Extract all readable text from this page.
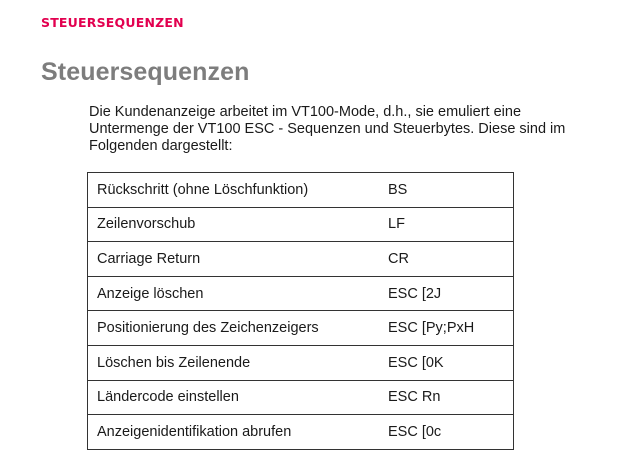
STEUERSEQUENZEN
Steuersequenzen

Die Kundenanzeige arbeitet im VT100-Mode, d.h., sie emuliert eine Untermenge der VT100 ESC - Sequenzen und Steuerbytes. Diese sind im Folgenden dargestellt:

Rückschritt (ohne Löschfunktion)	BS
Zeilenvorschub	LF
Carriage Return	CR
Anzeige löschen	ESC [2J
Positionierung des Zeichenzeigers	ESC [Py;PxH
Löschen bis Zeilenende	ESC [0K
Ländercode einstellen	ESC Rn
Anzeigenidentifikation abrufen	ESC [0c
